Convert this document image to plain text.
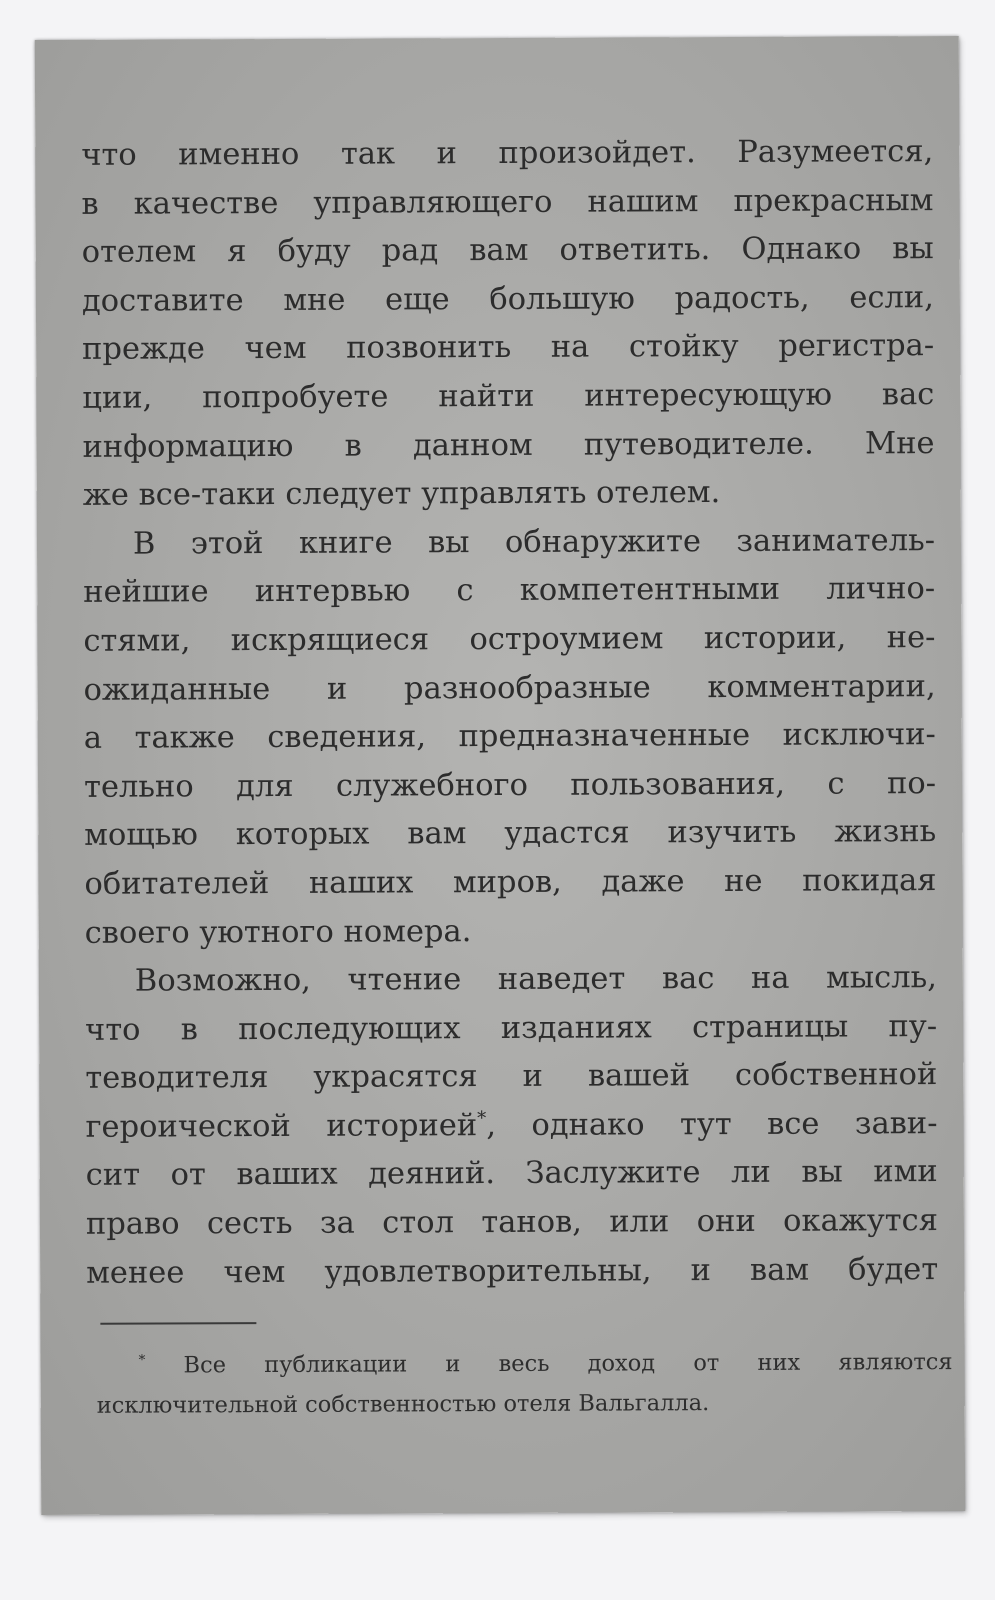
что именно так и произойдет. Разумеется,
в качестве управляющего нашим прекрасным
отелем я буду рад вам ответить. Однако вы
доставите мне еще большую радость, если,
прежде чем позвонить на стойку регистра-
ции, попробуете найти интересующую вас
информацию в данном путеводителе. Мне
же все-таки следует управлять отелем.
В этой книге вы обнаружите заниматель-
нейшие интервью с компетентными лично-
стями, искрящиеся остроумием истории, не-
ожиданные и разнообразные комментарии,
а также сведения, предназначенные исключи-
тельно для служебного пользования, с по-
мощью которых вам удастся изучить жизнь
обитателей наших миров, даже не покидая
своего уютного номера.
Возможно, чтение наведет вас на мысль,
что в последующих изданиях страницы пу-
теводителя украсятся и вашей собственной
героической историей*, однако тут все зави-
сит от ваших деяний. Заслужите ли вы ими
право сесть за стол танов, или они окажутся
менее чем удовлетворительны, и вам будет
* Все публикации и весь доход от них являются
исключительной собственностью отеля Вальгалла.
